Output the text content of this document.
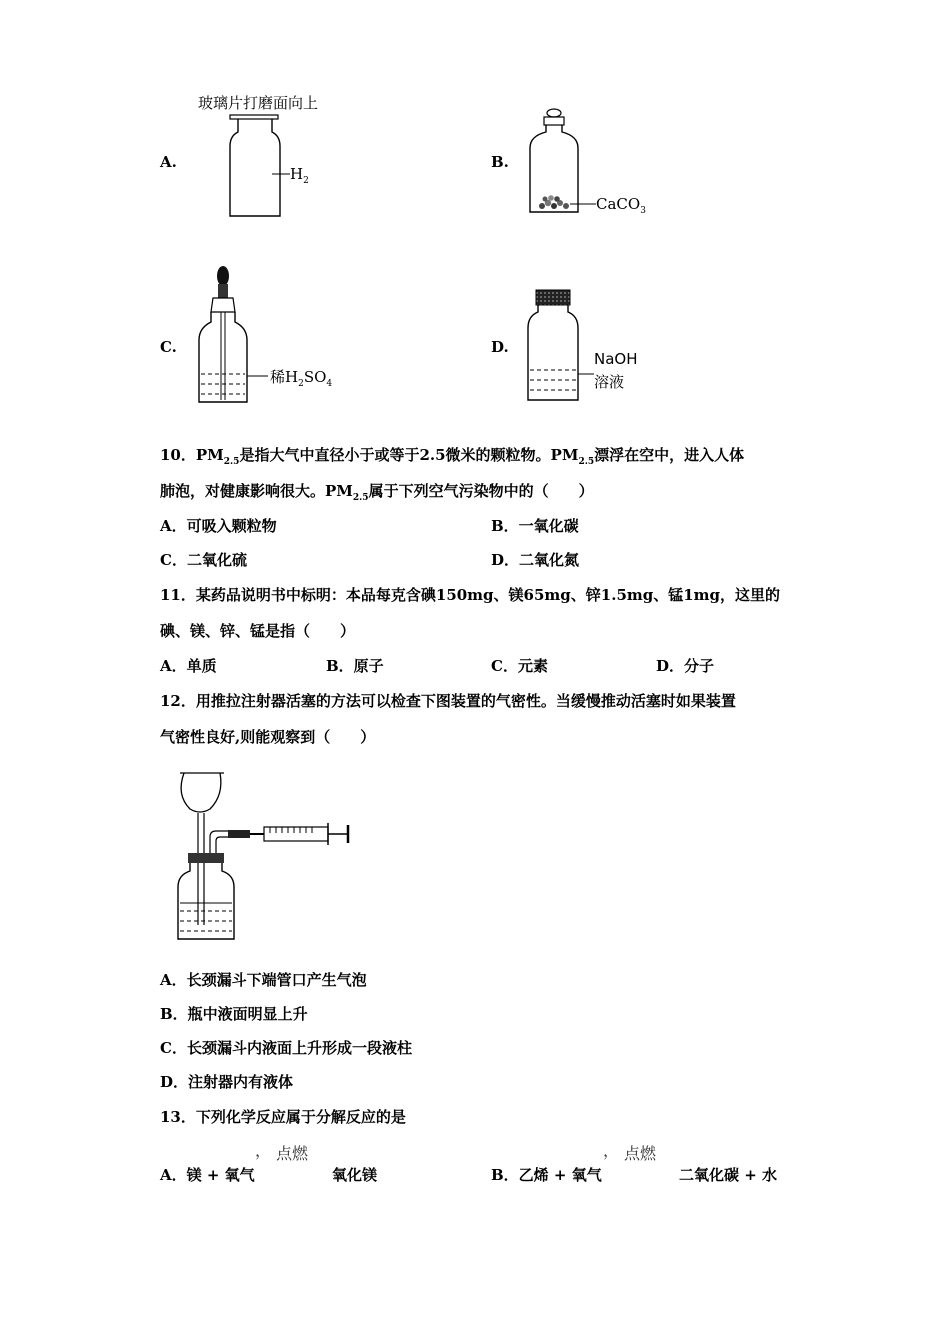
玻璃片打磨面向上
A.
$H_2$
B.
CaCO$_3$
C.
稀$H_2SO_4$
D.
NaOH
溶液
10．$PM_{2.5}$是指大气中直径小于或等于2.5微米的颗粒物。$PM_{2.5}$漂浮在空中，进入人体
肺泡，对健康影响很大。$PM_{2.5}$属于下列空气污染物中的（　　）
A．可吸入颗粒物	B．一氧化碳
C．二氧化硫	D．二氧化氮
11．某药品说明书中标明：本品每克含碘150mg、镁65mg、锌1.5mg、锰1mg，这里的
碘、镁、锌、锰是指（　　）
A．单质	B．原子	C．元素	D．分子
12．用推拉注射器活塞的方法可以检查下图装置的气密性。当缓慢推动活塞时如果装置
气密性良好,则能观察到（　　）
A．长颈漏斗下端管口产生气泡
B．瓶中液面明显上升
C．长颈漏斗内液面上升形成一段液柱
D．注射器内有液体
13．下列化学反应属于分解反应的是
， 点燃
A．镁 + 氧气	氧化镁
， 点燃
B．乙烯 + 氧气	二氧化碳 + 水
